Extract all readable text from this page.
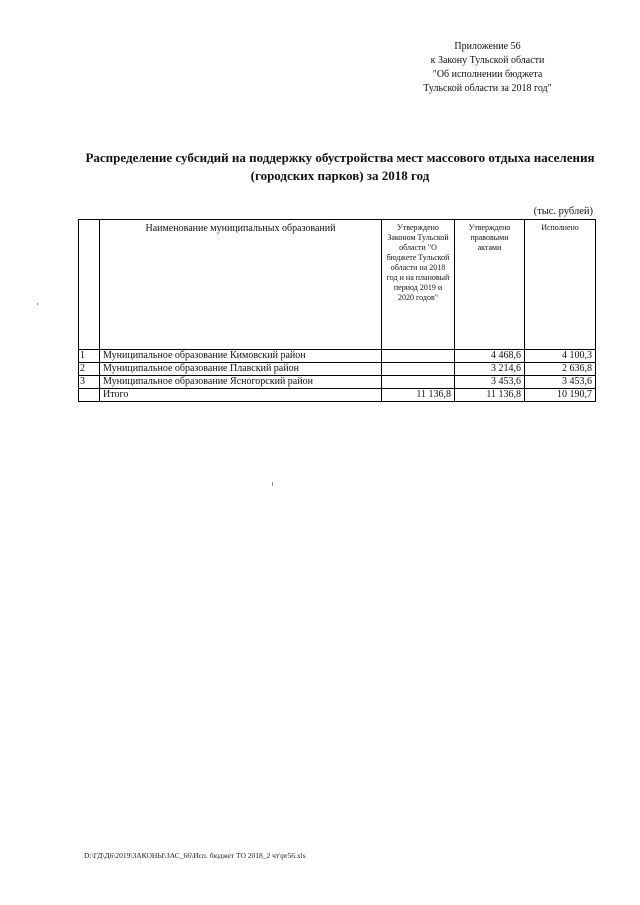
Приложение 56
к Закону Тульской области
"Об исполнении бюджета
Тульской области за 2018 год"
Распределение субсидий на поддержку обустройства мест массового отдыха населения
(городских парков) за 2018 год
(тыс. рублей)
	Наименование муниципальных образований	Утверждено Законом Тульской области "О бюджете Тульской области на 2018 год и на плановый период 2019 и 2020 годов"	Утверждено правовыми актами	Исполнено
1	Муниципальное образование Кимовский район		4 468,6	4 100,3
2	Муниципальное образование Плавский район		3 214,6	2 636,8
3	Муниципальное образование Ясногорский район		3 453,6	3 453,6
	Итого	11 136,8	11 136,8	10 190,7
D:\ГД\Д6\2019\ЗАКОНЫ\ЗАС_66\Исп. бюджет ТО 2018_2 чт\pr56.xls
